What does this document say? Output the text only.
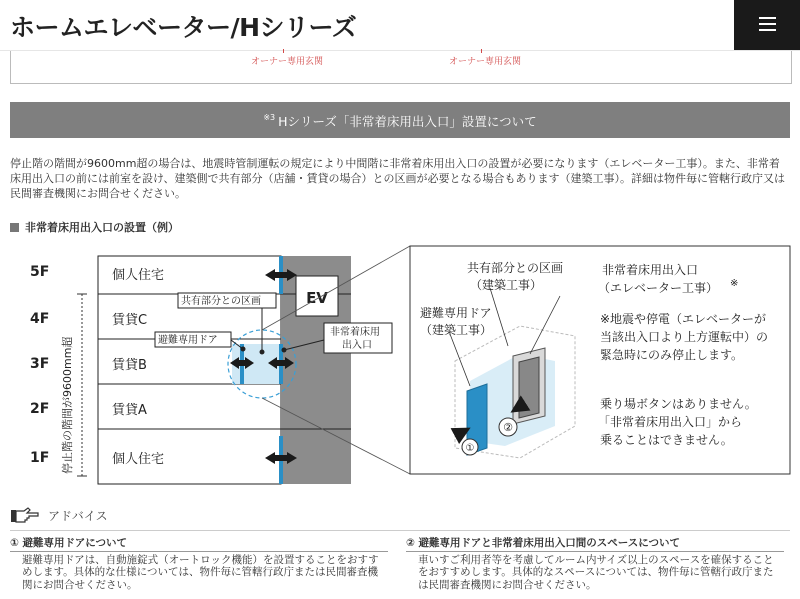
ホームエレベーター/Hシリーズ
オーナー専用玄関	オーナー専用玄関
$^{※3}$ Hシリーズ「非常着床用出入口」設置について
停止階の階間が9600mm超の場合は、地震時管制運転の規定により中間階に非常着床用出入口の設置が必要になります（エレベーター工事）。また、非常着床用出入口の前には前室を設け、建築側で共有部分（店舗・賃貸の場合）との区画が必要となる場合もあります（建築工事）。詳細は物件毎に管轄行政庁又は民間審査機関にお問合せください。
非常着床用出入口の設置（例）
EV
個人住宅
賃貸C
賃貸B
賃貸A
個人住宅
5F
4F
3F
2F
1F 停止階の階間が9600mm超
共有部分との区画
避難専用ドア
非常着床用
出入口
①
②
共有部分との区画
（建築工事）
非常着床用出入口
（エレベーター工事） ※
避難専用ドア
（建築工事）
※地震や停電（エレベーターが
当該出入口より上方運転中）の
緊急時にのみ停止します。
乗り場ボタンはありません。
「非常着床用出入口」から
乗ることはできません。
アドバイス
① 避難専用ドアについて
避難専用ドアは、自動施錠式（オートロック機能）を設置することをおすすめします。具体的な仕様については、物件毎に管轄行政庁または民間審査機関にお問合せください。
② 避難専用ドアと非常着床用出入口間のスペースについて
車いすご利用者等を考慮してルーム内サイズ以上のスペースを確保することをおすすめします。具体的なスペースについては、物件毎に管轄行政庁または民間審査機関にお問合せください。
